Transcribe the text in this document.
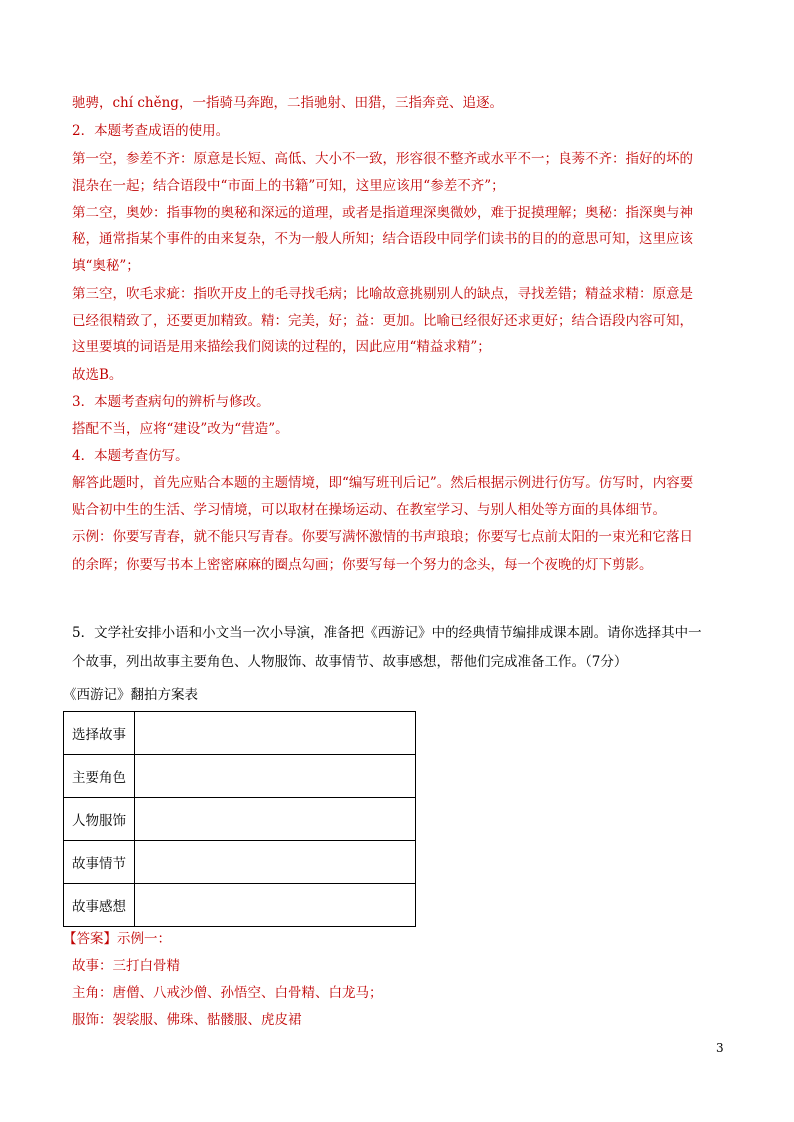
驰骋，chí chěng，一指骑马奔跑，二指驰射、田猎，三指奔竞、追逐。
2．本题考查成语的使用。
第一空，参差不齐：原意是长短、高低、大小不一致，形容很不整齐或水平不一；良莠不齐：指好的坏的
混杂在一起；结合语段中“市面上的书籍”可知，这里应该用“参差不齐”；
第二空，奥妙：指事物的奥秘和深远的道理，或者是指道理深奥微妙，难于捉摸理解；奥秘：指深奥与神
秘，通常指某个事件的由来复杂，不为一般人所知；结合语段中同学们读书的目的的意思可知，这里应该
填“奥秘”；
第三空，吹毛求疵：指吹开皮上的毛寻找毛病；比喻故意挑剔别人的缺点，寻找差错；精益求精：原意是
已经很精致了，还要更加精致。精：完美，好；益：更加。比喻已经很好还求更好；结合语段内容可知，
这里要填的词语是用来描绘我们阅读的过程的，因此应用“精益求精”；
故选B。
3．本题考查病句的辨析与修改。
搭配不当，应将“建设”改为“营造”。
4．本题考查仿写。
解答此题时，首先应贴合本题的主题情境，即“编写班刊后记”。然后根据示例进行仿写。仿写时，内容要
贴合初中生的生活、学习情境，可以取材在操场运动、在教室学习、与别人相处等方面的具体细节。
示例：你要写青春，就不能只写青春。你要写满怀激情的书声琅琅；你要写七点前太阳的一束光和它落日
的余晖；你要写书本上密密麻麻的圈点勾画；你要写每一个努力的念头，每一个夜晚的灯下剪影。
5．文学社安排小语和小文当一次小导演，准备把《西游记》中的经典情节编排成课本剧。请你选择其中一
个故事，列出故事主要角色、人物服饰、故事情节、故事感想，帮他们完成准备工作。（7分）
《西游记》翻拍方案表
选择故事	
主要角色	
人物服饰	
故事情节	
故事感想	
【答案】示例一：
故事：三打白骨精
主角：唐僧、八戒沙僧、孙悟空、白骨精、白龙马；
服饰：袈裟服、佛珠、骷髅服、虎皮裙
3
